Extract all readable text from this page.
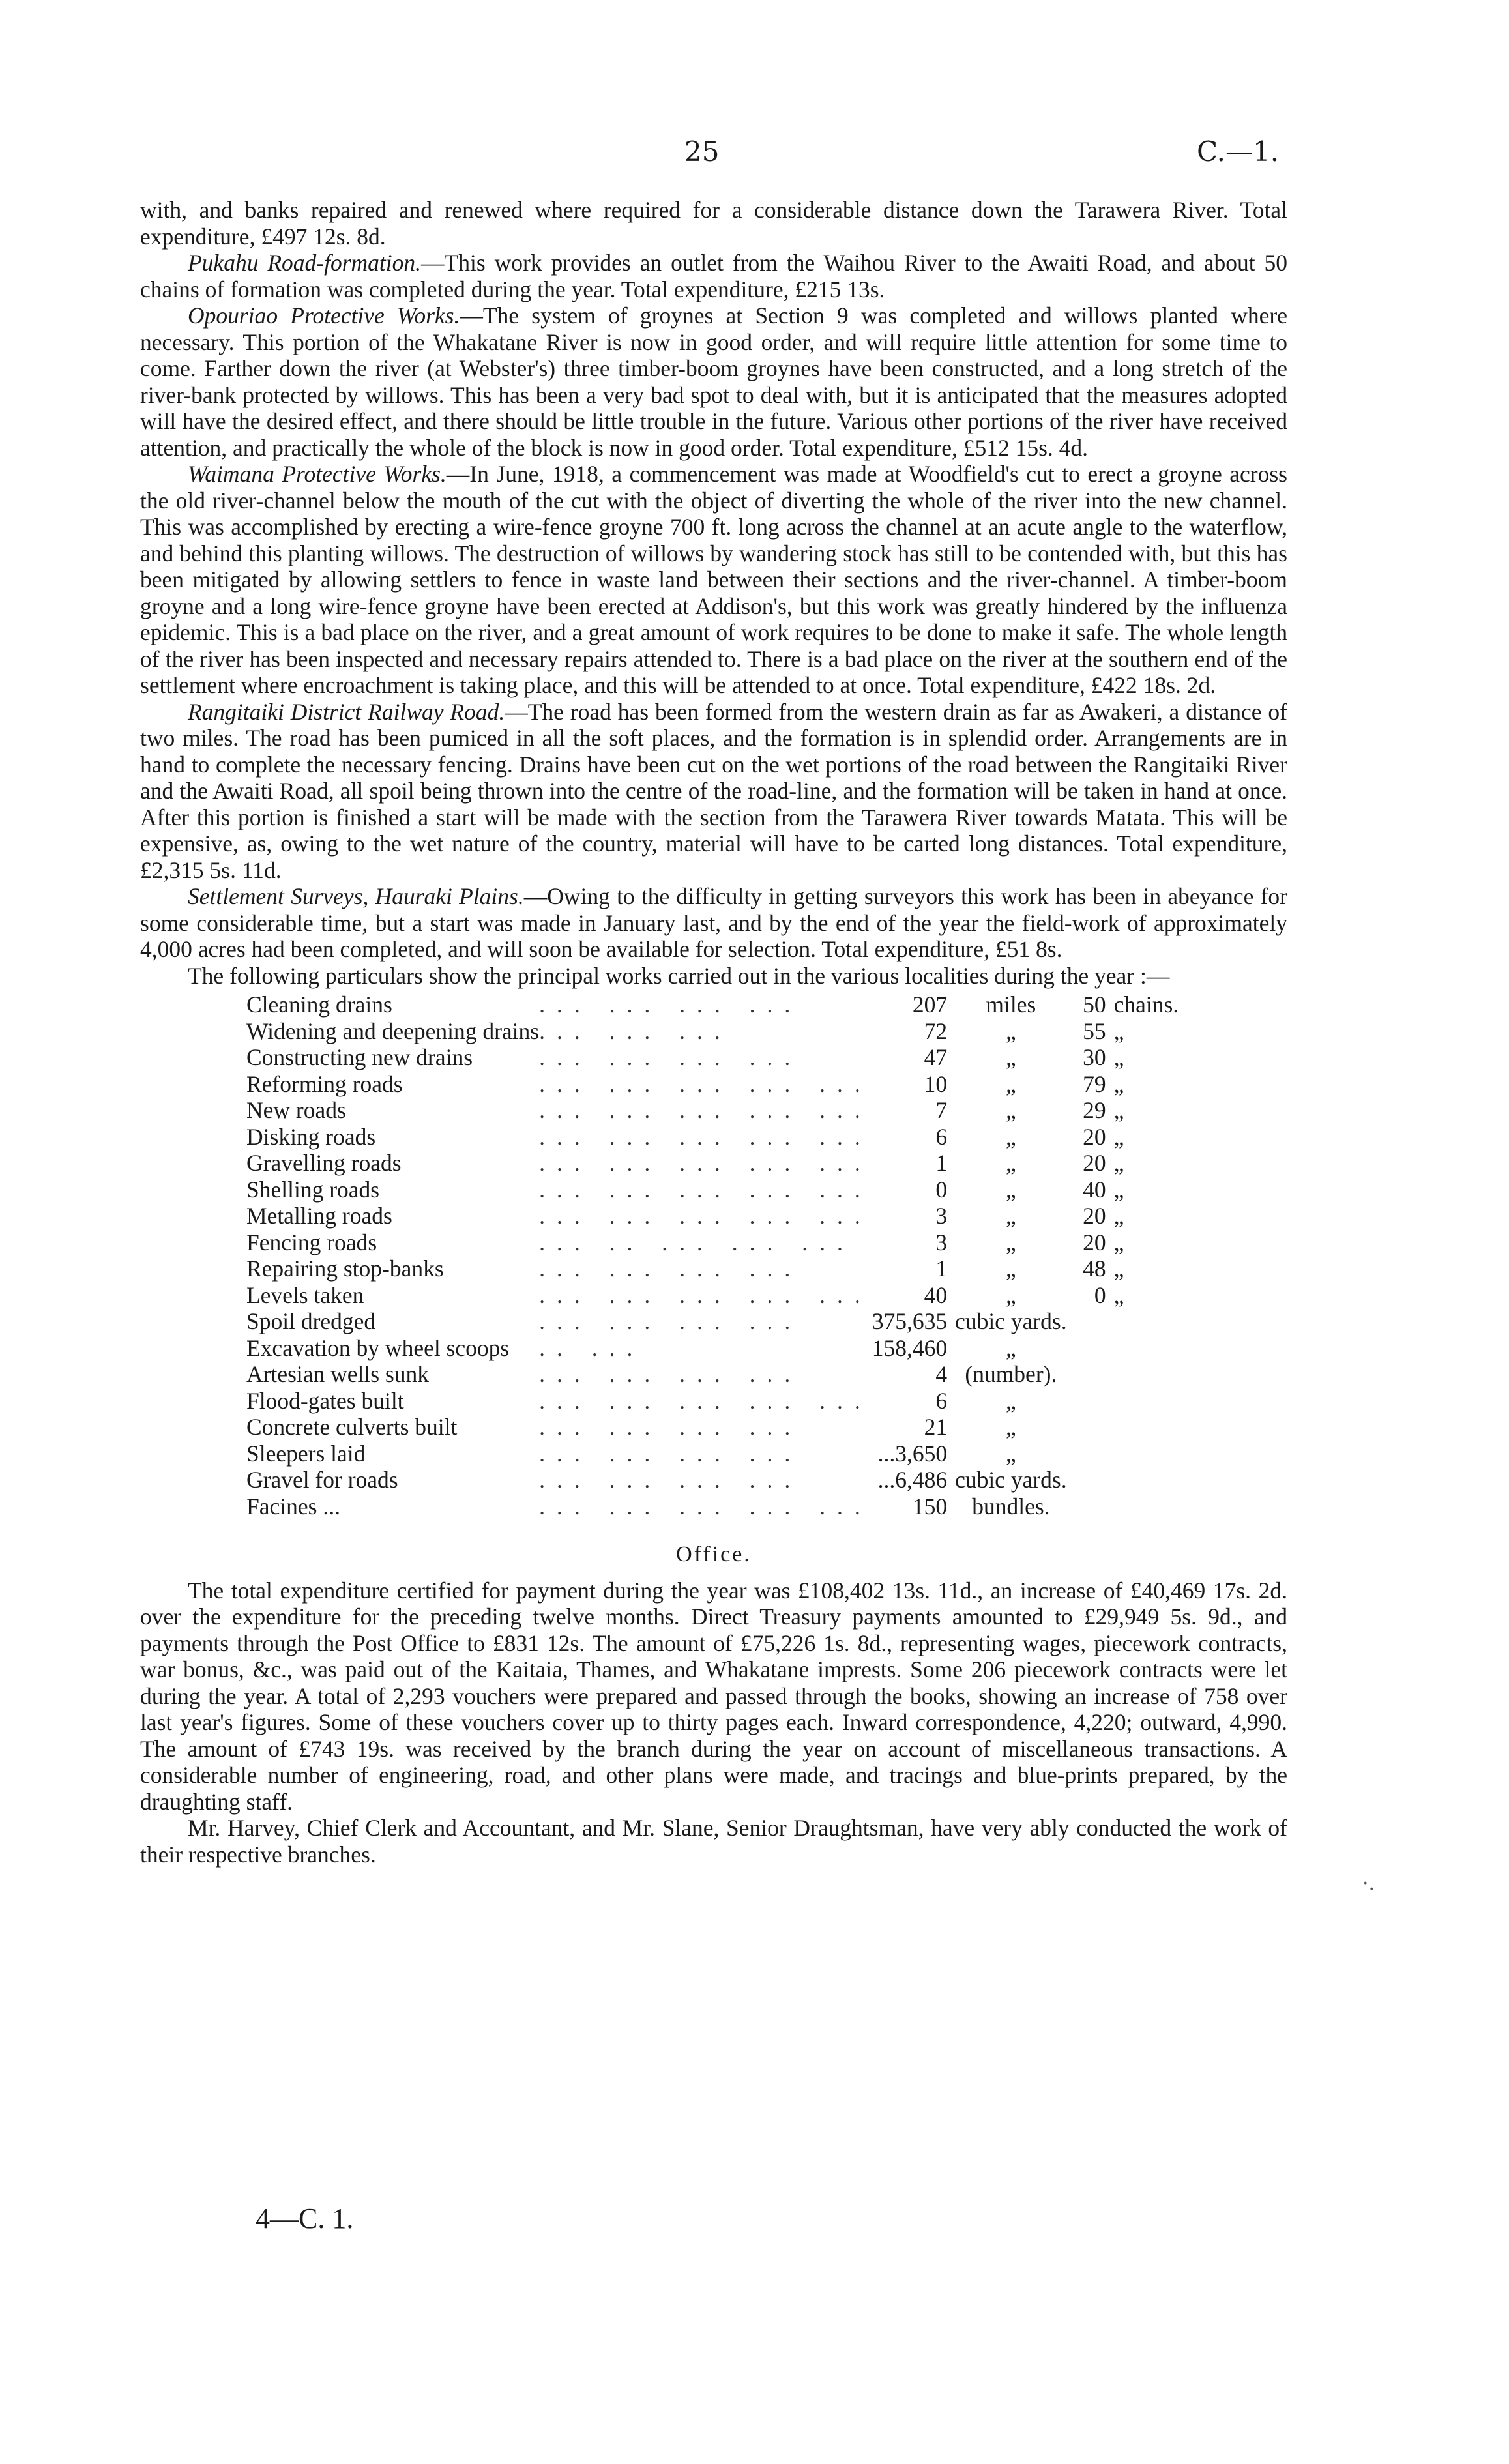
25	C.—1.

with, and banks repaired and renewed where required for a considerable distance down the Tarawera River. Total expenditure, £497 12s. 8d.

Pukahu Road-formation.—This work provides an outlet from the Waihou River to the Awaiti Road, and about 50 chains of formation was completed during the year. Total expenditure, £215 13s.

Opouriao Protective Works.—The system of groynes at Section 9 was completed and willows planted where necessary. This portion of the Whakatane River is now in good order, and will require little attention for some time to come. Farther down the river (at Webster's) three timber-boom groynes have been constructed, and a long stretch of the river-bank protected by willows. This has been a very bad spot to deal with, but it is anticipated that the measures adopted will have the desired effect, and there should be little trouble in the future. Various other portions of the river have received attention, and practically the whole of the block is now in good order. Total expenditure, £512 15s. 4d.

Waimana Protective Works.—In June, 1918, a commencement was made at Woodfield's cut to erect a groyne across the old river-channel below the mouth of the cut with the object of diverting the whole of the river into the new channel. This was accomplished by erecting a wire-fence groyne 700 ft. long across the channel at an acute angle to the waterflow, and behind this planting willows. The destruction of willows by wandering stock has still to be contended with, but this has been mitigated by allowing settlers to fence in waste land between their sections and the river-channel. A timber-boom groyne and a long wire-fence groyne have been erected at Addison's, but this work was greatly hindered by the influenza epidemic. This is a bad place on the river, and a great amount of work requires to be done to make it safe. The whole length of the river has been inspected and necessary repairs attended to. There is a bad place on the river at the southern end of the settlement where encroachment is taking place, and this will be attended to at once. Total expenditure, £422 18s. 2d.

Rangitaiki District Railway Road.—The road has been formed from the western drain as far as Awakeri, a distance of two miles. The road has been pumiced in all the soft places, and the formation is in splendid order. Arrangements are in hand to complete the necessary fencing. Drains have been cut on the wet portions of the road between the Rangitaiki River and the Awaiti Road, all spoil being thrown into the centre of the road-line, and the formation will be taken in hand at once. After this portion is finished a start will be made with the section from the Tarawera River towards Matata. This will be expensive, as, owing to the wet nature of the country, material will have to be carted long distances. Total expenditure, £2,315 5s. 11d.

Settlement Surveys, Hauraki Plains.—Owing to the difficulty in getting surveyors this work has been in abeyance for some considerable time, but a start was made in January last, and by the end of the year the field-work of approximately 4,000 acres had been completed, and will soon be available for selection. Total expenditure, £51 8s.

The following particulars show the principal works carried out in the various localities during the year :—

Cleaning drains	... ... ... ...	207	miles	50	chains.
Widening and deepening drains	... ... ...	72	„	55	„
Constructing new drains	... ... ... ...	47	„	30	„
Reforming roads	... ... ... ... ...	10	„	79	„
New roads	... ... ... ... ...	7	„	29	„
Disking roads	... ... ... ... ...	6	„	20	„
Gravelling roads	... ... ... ... ...	1	„	20	„
Shelling roads	... ... ... ... ...	0	„	40	„
Metalling roads	... ... ... ... ...	3	„	20	„
Fencing roads	... .. ... ... ...	3	„	20	„
Repairing stop-banks	... ... ... ...	1	„	48	„
Levels taken	... ... ... ... ...	40	„	0	„
Spoil dredged	... ... ... ...	375,635	cubic yards.		
Excavation by wheel scoops	.. ...	158,460	„		
Artesian wells sunk	... ... ... ...	4	(number).		
Flood-gates built	... ... ... ... ...	6	„		
Concrete culverts built	... ... ... ...	21	„		
Sleepers laid	... ... ... ...	...3,650	„		
Gravel for roads	... ... ... ...	...6,486	cubic yards.		
Facines ...	... ... ... ... ...	150	bundles.		
Office.

The total expenditure certified for payment during the year was £108,402 13s. 11d., an increase of £40,469 17s. 2d. over the expenditure for the preceding twelve months. Direct Treasury payments amounted to £29,949 5s. 9d., and payments through the Post Office to £831 12s. The amount of £75,226 1s. 8d., representing wages, piecework contracts, war bonus, &c., was paid out of the Kaitaia, Thames, and Whakatane imprests. Some 206 piecework contracts were let during the year. A total of 2,293 vouchers were prepared and passed through the books, showing an increase of 758 over last year's figures. Some of these vouchers cover up to thirty pages each. Inward correspondence, 4,220; outward, 4,990. The amount of £743 19s. was received by the branch during the year on account of miscellaneous transactions. A considerable number of engineering, road, and other plans were made, and tracings and blue-prints prepared, by the draughting staff.

Mr. Harvey, Chief Clerk and Accountant, and Mr. Slane, Senior Draughtsman, have very ably conducted the work of their respective branches.

4—C. 1.
·.
